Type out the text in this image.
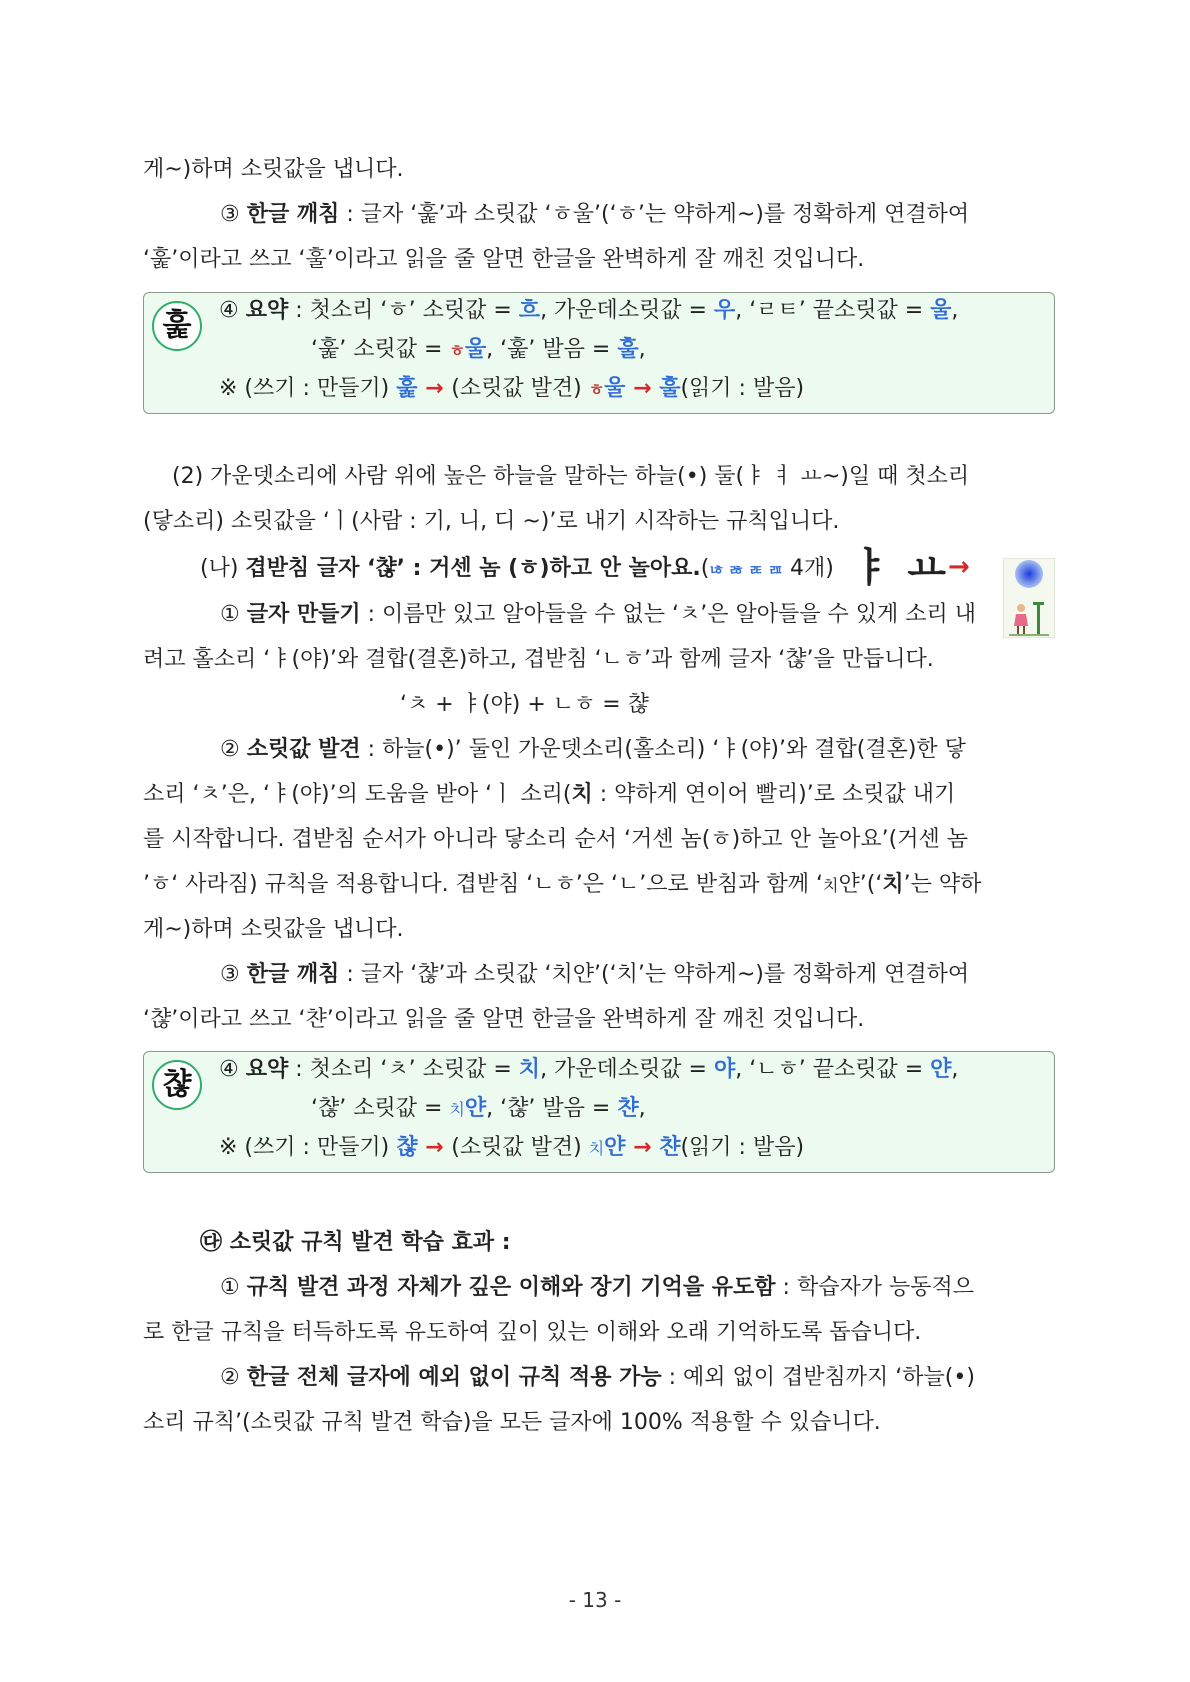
게~)하며 소릿값을 냅니다.
③ 한글 깨침 : 글자 ‘훑’과 소릿값 ‘ㅎ울’(‘ㅎ’는 약하게~)를 정확하게 연결하여
‘훑’이라고 쓰고 ‘훌’이라고 읽을 줄 알면 한글을 완벽하게 잘 깨친 것입니다.
훑	④ 요약 : 첫소리 ‘ㅎ’ 소릿값 = 흐, 가운데소릿값 = 우, ‘ㄹㅌ’ 끝소릿값 = 울,
‘훑’ 소릿값 = ㅎ울, ‘훑’ 발음 = 훌,
※ (쓰기 : 만들기) 훑 → (소릿값 발견) ㅎ울 → 훌(읽기 : 발음)
(2) 가운뎃소리에 사람 위에 높은 하늘을 말하는 하늘(•) 둘(ㅑ ㅕ ㅛ~)일 때 첫소리
(닿소리) 소릿값을 ‘ㅣ(사람 : 기, 니, 디 ~)’로 내기 시작하는 규칙입니다.
(나) 겹받침 글자 ‘챦’ : 거센 놈 (ㅎ)하고 안 놀아요.(ㄶ ㅀ ㄾ ㄿ 4개) ㅑ ㅛ→
① 글자 만들기 : 이름만 있고 알아들을 수 없는 ‘ㅊ’은 알아들을 수 있게 소리 내
려고 홀소리 ‘ㅑ(야)’와 결합(결혼)하고, 겹받침 ‘ㄴㅎ’과 함께 글자 ‘챦’을 만듭니다.
‘ㅊ + ㅑ(야) + ㄴㅎ = 챦
② 소릿값 발견 : 하늘(•)’ 둘인 가운뎃소리(홀소리) ‘ㅑ(야)’와 결합(결혼)한 닿
소리 ‘ㅊ’은, ‘ㅑ(야)’의 도움을 받아 ‘ㅣ 소리(치 : 약하게 연이어 빨리)’로 소릿값 내기
를 시작합니다. 겹받침 순서가 아니라 닿소리 순서 ‘거센 놈(ㅎ)하고 안 놀아요’(거센 놈
’ㅎ‘ 사라짐) 규칙을 적용합니다. 겹받침 ‘ㄴㅎ’은 ‘ㄴ’으로 받침과 함께 ‘치얀’(‘치’는 약하
게~)하며 소릿값을 냅니다.
③ 한글 깨침 : 글자 ‘챦’과 소릿값 ‘치얀’(‘치’는 약하게~)를 정확하게 연결하여
‘챦’이라고 쓰고 ‘챤’이라고 읽을 줄 알면 한글을 완벽하게 잘 깨친 것입니다.
챦	④ 요약 : 첫소리 ‘ㅊ’ 소릿값 = 치, 가운데소릿값 = 야, ‘ㄴㅎ’ 끝소릿값 = 얀,
‘챦’ 소릿값 = 치얀, ‘챦’ 발음 = 챤,
※ (쓰기 : 만들기) 챦 → (소릿값 발견) 치얀 → 챤(읽기 : 발음)
㉰ 소릿값 규칙 발견 학습 효과 :
① 규칙 발견 과정 자체가 깊은 이해와 장기 기억을 유도함 : 학습자가 능동적으
로 한글 규칙을 터득하도록 유도하여 깊이 있는 이해와 오래 기억하도록 돕습니다.
② 한글 전체 글자에 예외 없이 규칙 적용 가능 : 예외 없이 겹받침까지 ‘하늘(•)
소리 규칙’(소릿값 규칙 발견 학습)을 모든 글자에 100% 적용할 수 있습니다.
- 13 -
